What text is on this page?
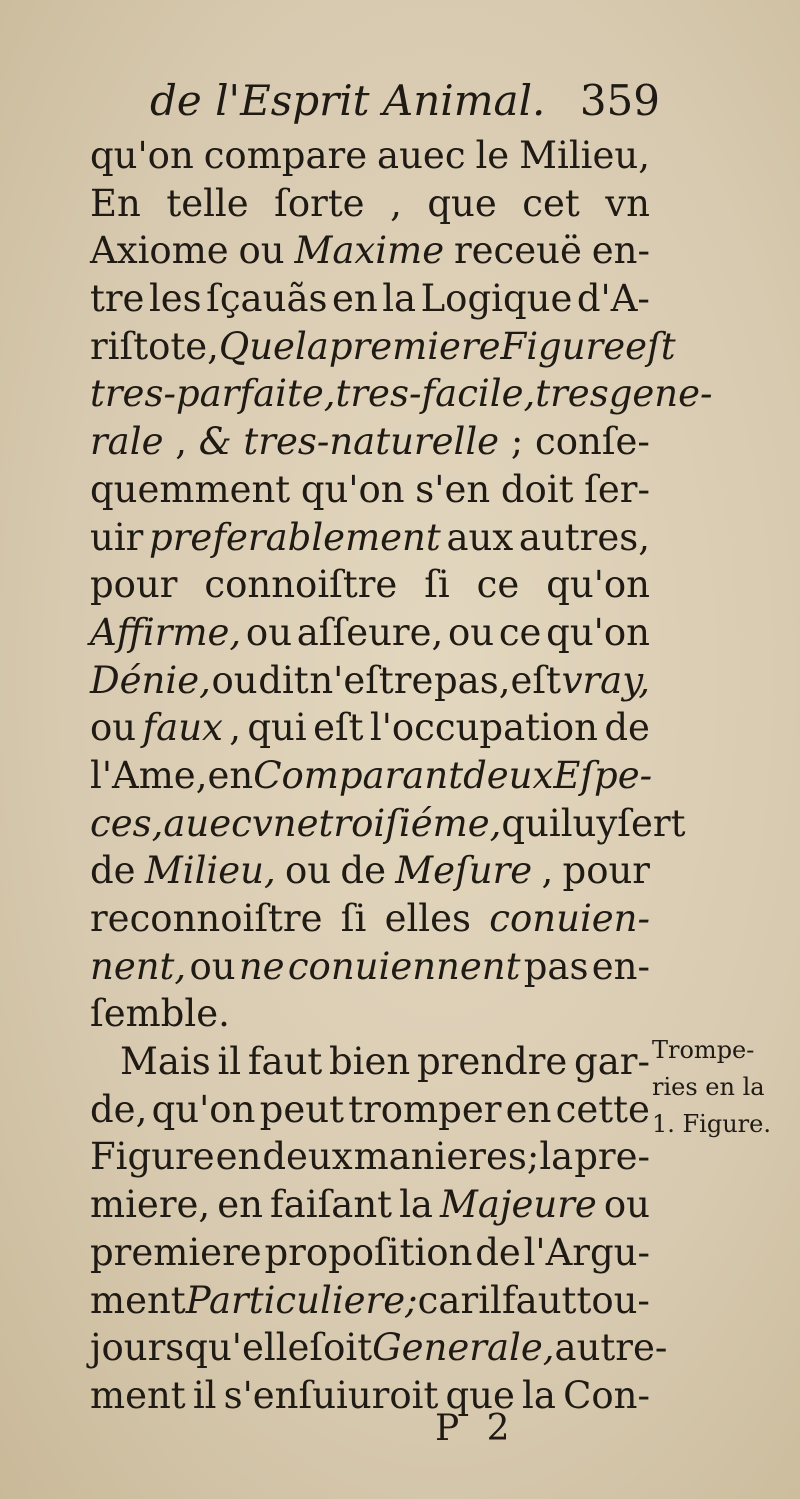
de l'Esprit Animal. 359
qu'on compare auec le Milieu,
En telle ſorte , que cet vn
Axiome ou Maxime receuë en-
tre les ſçauãs en la Logique d'A-
riſtote, Que la premiere Figure eſt
tres-parfaite, tres-facile,tres gene-
rale , & tres-naturelle ; conſe-
quemment qu'on s'en doit ſer-
uir preferablement aux autres,
pour connoiſtre ſi ce qu'on
Affirme, ou aſſeure, ou ce qu'on
Dénie, ou dit n'eſtre pas,eſt vray,
ou faux , qui eſt l'occupation de
l'Ame, en Comparant deux Eſpe-
ces,auec vne troiſiéme, qui luy ſert
de Milieu, ou de Meſure , pour
reconnoiſtre ſi elles conuien-
nent, ou ne conuiennent pas en-
ſemble.
Mais il faut bien prendre gar-
de, qu'on peut tromper en cette
Figure en deux manieres;la pre-
miere, en faiſant la Majeure ou
premiere propoſition de l'Argu-
ment Particuliere; car il faut tou-
jours qu'elle ſoit Generale, autre-
ment il s'enſuiuroit que la Con-
Trompe-
ries en la
1. Figure.
P 2
